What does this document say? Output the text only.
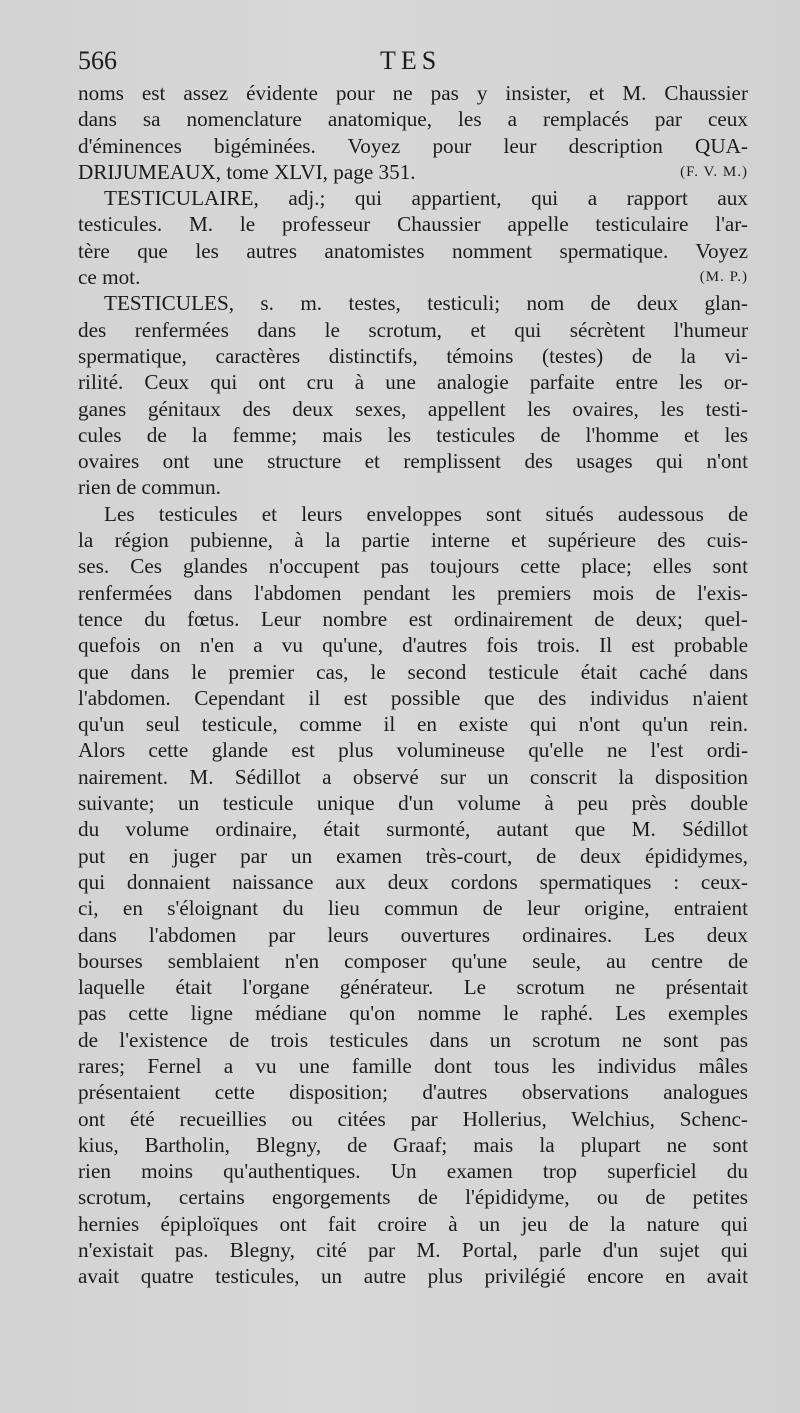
566	TES
noms est assez évidente pour ne pas y insister, et M. Chaussier
dans sa nomenclature anatomique, les a remplacés par ceux
d'éminences bigéminées. Voyez pour leur description QUA-
DRIJUMEAUX, tome XLVI, page 351.	(F. V. M.)
TESTICULAIRE, adj.; qui appartient, qui a rapport aux
testicules. M. le professeur Chaussier appelle testiculaire l'ar-
tère que les autres anatomistes nomment spermatique. Voyez
ce mot.	(M. P.)
TESTICULES, s. m. testes, testiculi; nom de deux glan-
des renfermées dans le scrotum, et qui sécrètent l'humeur
spermatique, caractères distinctifs, témoins (testes) de la vi-
rilité. Ceux qui ont cru à une analogie parfaite entre les or-
ganes génitaux des deux sexes, appellent les ovaires, les testi-
cules de la femme; mais les testicules de l'homme et les
ovaires ont une structure et remplissent des usages qui n'ont
rien de commun.
Les testicules et leurs enveloppes sont situés audessous de
la région pubienne, à la partie interne et supérieure des cuis-
ses. Ces glandes n'occupent pas toujours cette place; elles sont
renfermées dans l'abdomen pendant les premiers mois de l'exis-
tence du fœtus. Leur nombre est ordinairement de deux; quel-
quefois on n'en a vu qu'une, d'autres fois trois. Il est probable
que dans le premier cas, le second testicule était caché dans
l'abdomen. Cependant il est possible que des individus n'aient
qu'un seul testicule, comme il en existe qui n'ont qu'un rein.
Alors cette glande est plus volumineuse qu'elle ne l'est ordi-
nairement. M. Sédillot a observé sur un conscrit la disposition
suivante; un testicule unique d'un volume à peu près double
du volume ordinaire, était surmonté, autant que M. Sédillot
put en juger par un examen très-court, de deux épididymes,
qui donnaient naissance aux deux cordons spermatiques : ceux-
ci, en s'éloignant du lieu commun de leur origine, entraient
dans l'abdomen par leurs ouvertures ordinaires. Les deux
bourses semblaient n'en composer qu'une seule, au centre de
laquelle était l'organe générateur. Le scrotum ne présentait
pas cette ligne médiane qu'on nomme le raphé. Les exemples
de l'existence de trois testicules dans un scrotum ne sont pas
rares; Fernel a vu une famille dont tous les individus mâles
présentaient cette disposition; d'autres observations analogues
ont été recueillies ou citées par Hollerius, Welchius, Schenc-
kius, Bartholin, Blegny, de Graaf; mais la plupart ne sont
rien moins qu'authentiques. Un examen trop superficiel du
scrotum, certains engorgements de l'épididyme, ou de petites
hernies épiploïques ont fait croire à un jeu de la nature qui
n'existait pas. Blegny, cité par M. Portal, parle d'un sujet qui
avait quatre testicules, un autre plus privilégié encore en avait
